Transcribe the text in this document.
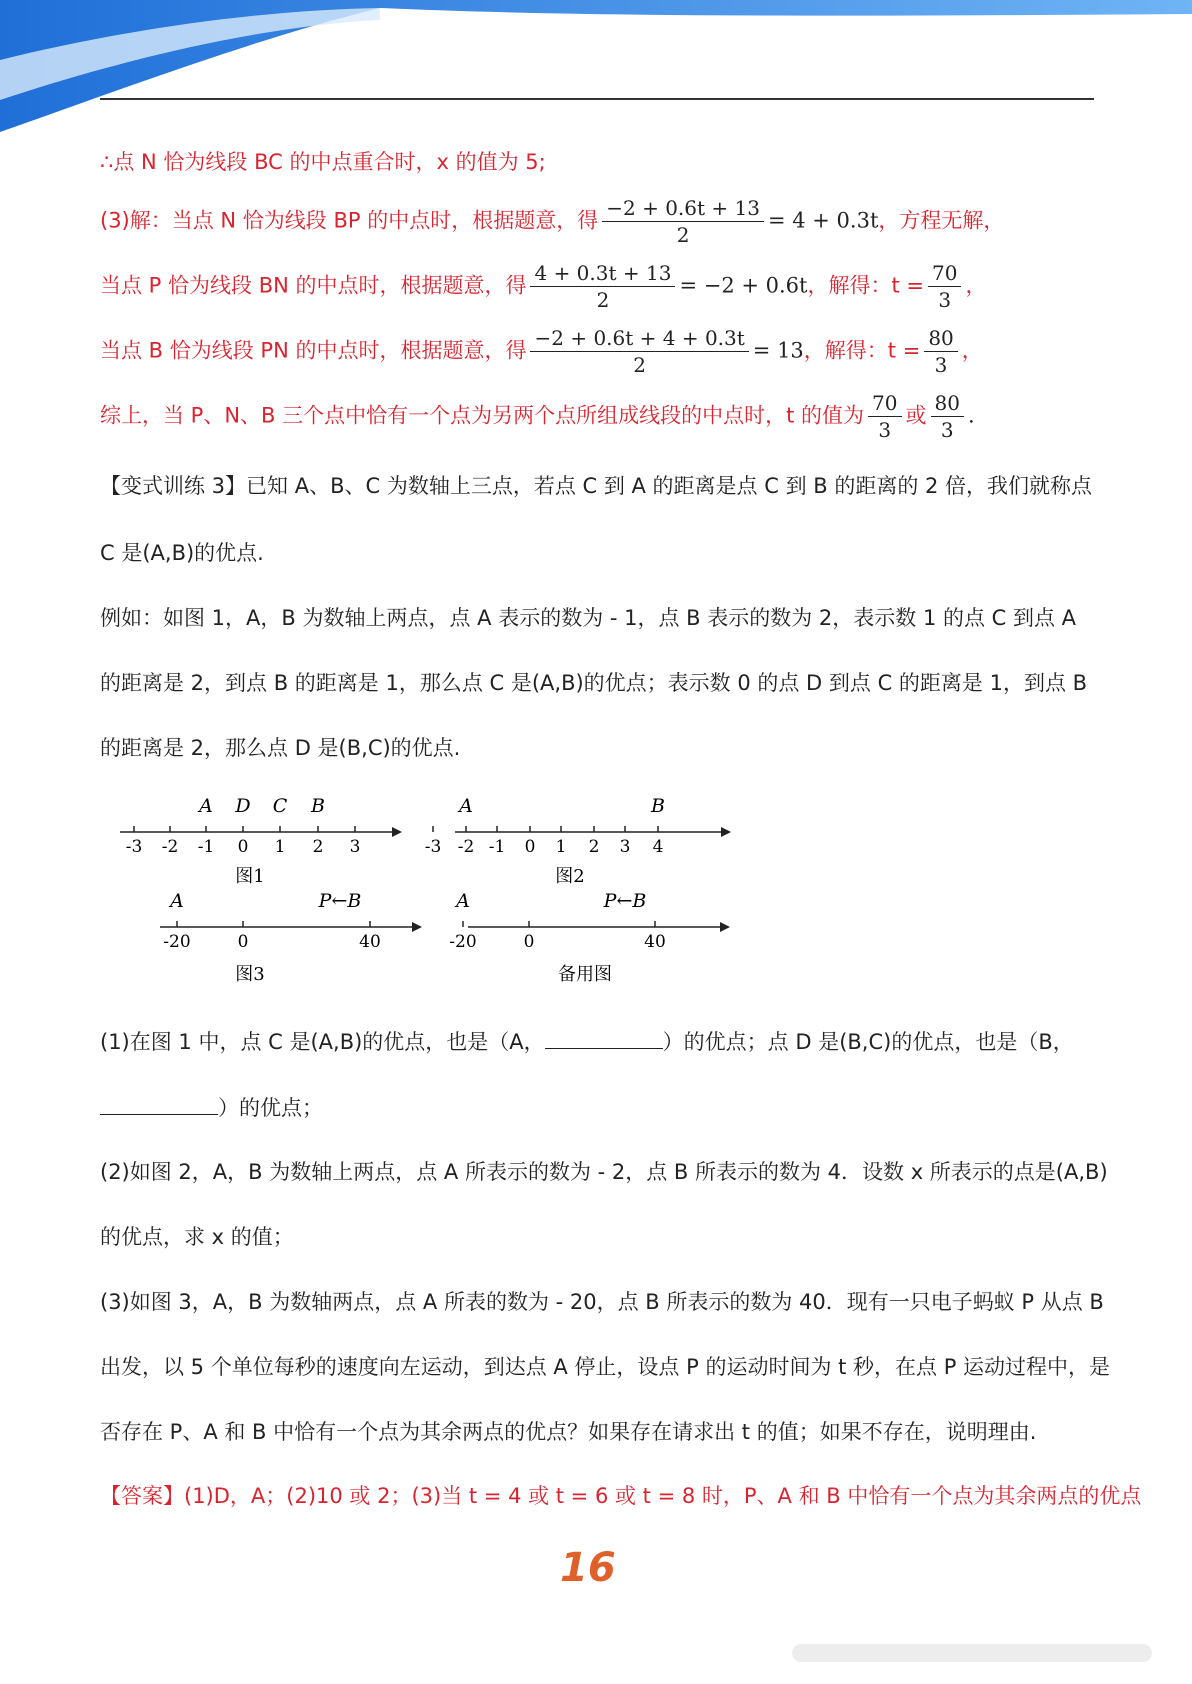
∴点 N 恰为线段 BC 的中点重合时，x 的值为 5;
(3)解：当点 N 恰为线段 BP 的中点时，根据题意，得 $\frac{-2 + 0.6t + 13}{2} = 4 + 0.3t$，方程无解，
当点 P 恰为线段 BN 的中点时，根据题意，得 $\frac{4 + 0.3t + 13}{2} = -2 + 0.6t$，解得：$t = \frac{70}{3}$ ，
当点 B 恰为线段 PN 的中点时，根据题意，得 $\frac{-2 + 0.6t + 4 + 0.3t}{2} = 13$，解得：$t = \frac{80}{3}$ ，
综上，当 P、N、B 三个点中恰有一个点为另两个点所组成线段的中点时，t 的值为 $\frac{70}{3}$ 或 $\frac{80}{3}$ .
【变式训练 3】已知 A、B、C 为数轴上三点，若点 C 到 A 的距离是点 C 到 B 的距离的 2 倍，我们就称点
C 是(A,B)的优点.
例如：如图 1，A，B 为数轴上两点，点 A 表示的数为 - 1，点 B 表示的数为 2，表示数 1 的点 C 到点 A
的距离是 2，到点 B 的距离是 1，那么点 C 是(A,B)的优点；表示数 0 的点 D 到点 C 的距离是 1，到点 B
的距离是 2，那么点 D 是(B,C)的优点.
-3 -2 -1 0 1 2 3
A D C B
图1
-3 -2 -1 0 1 2 3 4
A	B
图2
-20	0	40
A	P←B
图3
-20	0	40
A	P←B
备用图
(1)在图 1 中，点 C 是(A,B)的优点，也是（A，	）的优点；点 D 是(B,C)的优点，也是（B，
）的优点；
(2)如图 2，A，B 为数轴上两点，点 A 所表示的数为 - 2，点 B 所表示的数为 4．设数 x 所表示的点是(A,B)
的优点，求 x 的值；
(3)如图 3，A，B 为数轴两点，点 A 所表的数为 - 20，点 B 所表示的数为 40．现有一只电子蚂蚁 P 从点 B
出发，以 5 个单位每秒的速度向左运动，到达点 A 停止，设点 P 的运动时间为 t 秒，在点 P 运动过程中，是
否存在 P、A 和 B 中恰有一个点为其余两点的优点？如果存在请求出 t 的值；如果不存在，说明理由.
【答案】(1)D，A；(2)10 或 2；(3)当 t = 4 或 t = 6 或 t = 8 时，P、A 和 B 中恰有一个点为其余两点的优点
16
